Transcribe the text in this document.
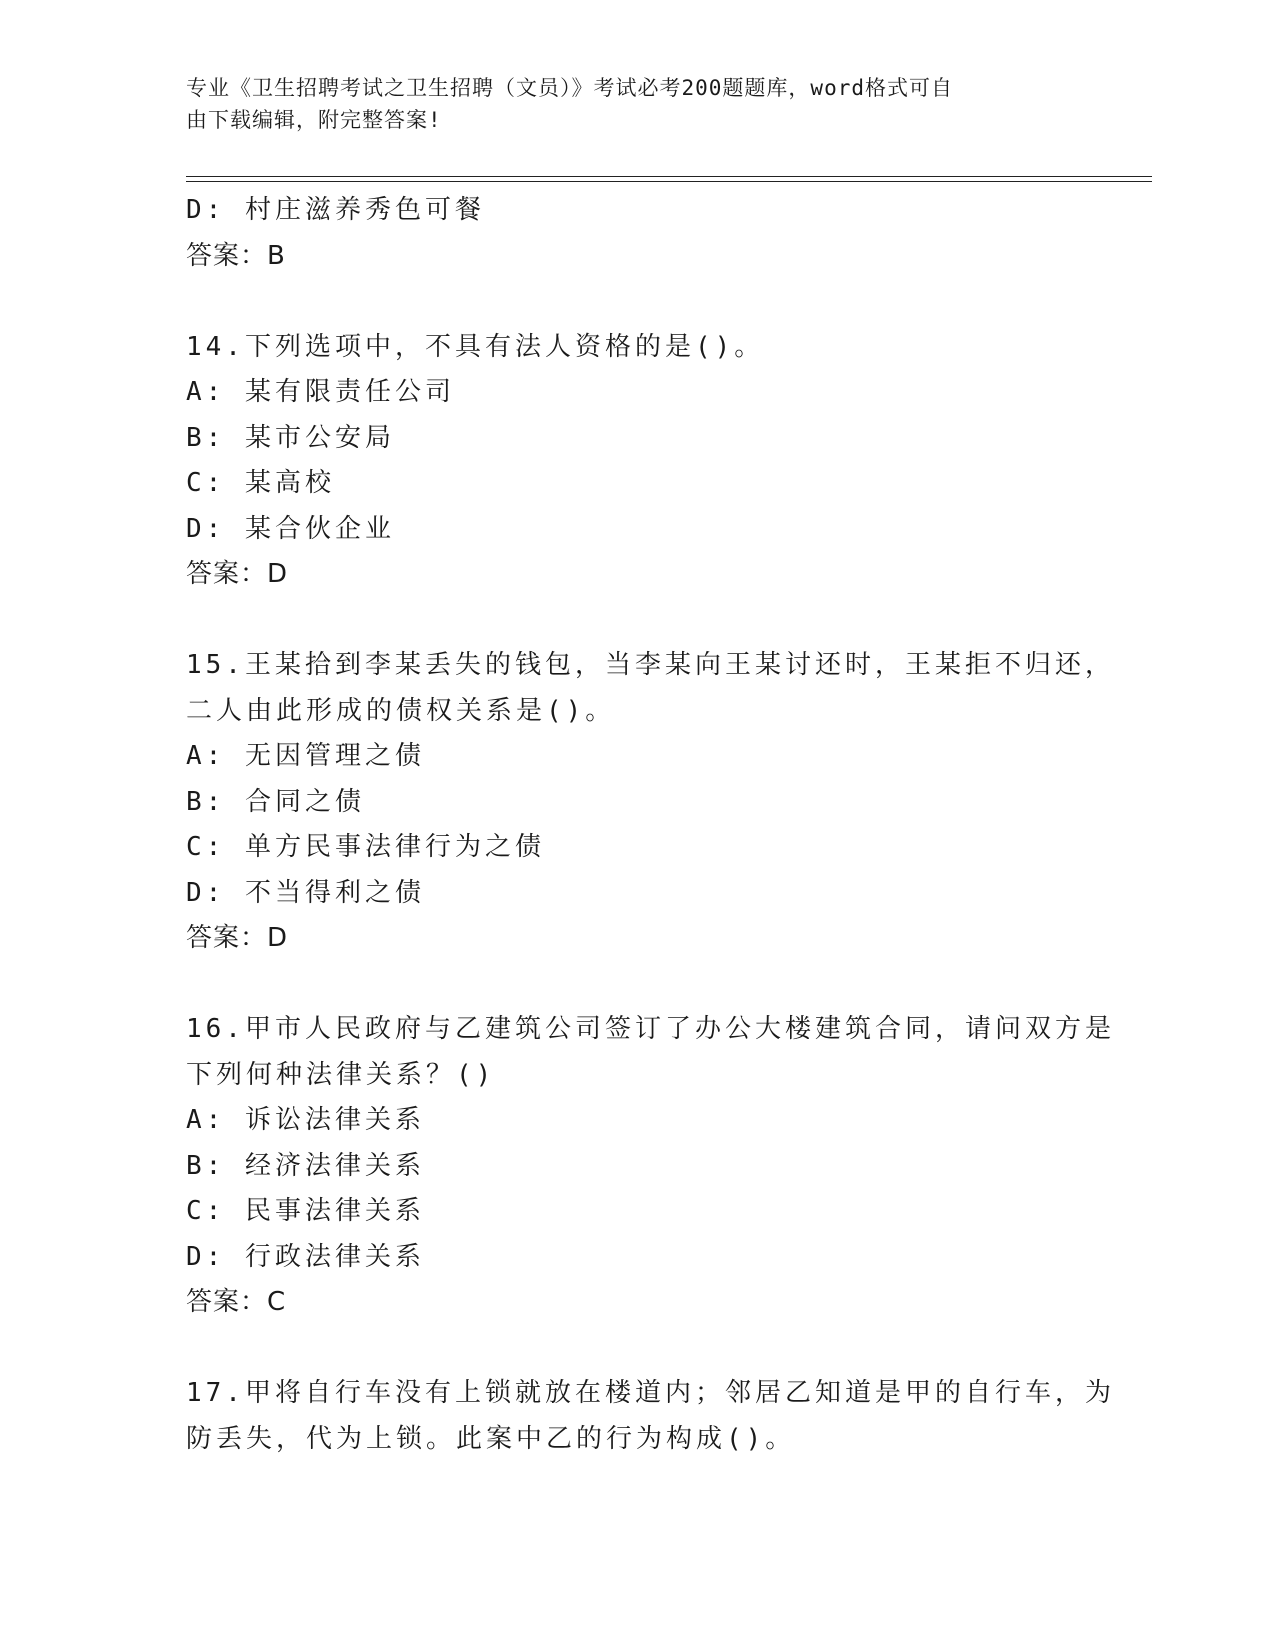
专业《卫生招聘考试之卫生招聘（文员）》考试必考200题题库，word格式可自
由下载编辑，附完整答案!
D: 村庄滋养秀色可餐
答案：B
14.下列选项中，不具有法人资格的是()。
A: 某有限责任公司
B: 某市公安局
C: 某高校
D: 某合伙企业
答案：D
15.王某拾到李某丢失的钱包，当李某向王某讨还时，王某拒不归还，
二人由此形成的债权关系是()。
A: 无因管理之债
B: 合同之债
C: 单方民事法律行为之债
D: 不当得利之债
答案：D
16.甲市人民政府与乙建筑公司签订了办公大楼建筑合同，请问双方是
下列何种法律关系？()
A: 诉讼法律关系
B: 经济法律关系
C: 民事法律关系
D: 行政法律关系
答案：C
17.甲将自行车没有上锁就放在楼道内；邻居乙知道是甲的自行车，为
防丢失，代为上锁。此案中乙的行为构成()。
